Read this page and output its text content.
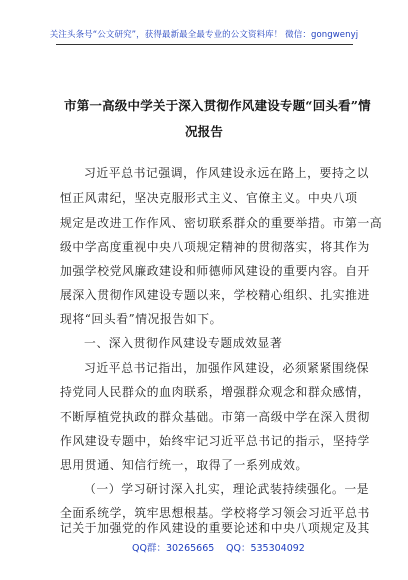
关注头条号“公文研究”，获得最新最全最专业的公文资料库！ 微信：gongwenyj
市第一高级中学关于深入贯彻作风建设专题“回头看”情
况报告
习近平总书记强调，作风建设永远在路上，要持之以
恒正风肃纪，坚决克服形式主义、官僚主义。中央八项
规定是改进工作作风、密切联系群众的重要举措。市第一高
级中学高度重视中央八项规定精神的贯彻落实，将其作为
加强学校党风廉政建设和师德师风建设的重要内容。自开
展深入贯彻作风建设专题以来，学校精心组织、扎实推进
现将“回头看”情况报告如下。
一、深入贯彻作风建设专题成效显著
习近平总书记指出，加强作风建设，必须紧紧围绕保
持党同人民群众的血肉联系，增强群众观念和群众感情，
不断厚植党执政的群众基础。市第一高级中学在深入贯彻
作风建设专题中，始终牢记习近平总书记的指示，坚持学
思用贯通、知信行统一，取得了一系列成效。
（一）学习研讨深入扎实，理论武装持续强化。一是
全面系统学，筑牢思想根基。学校将学习领会习近平总书
记关于加强党的作风建设的重要论述和中央八项规定及其
QQ群：30265665 QQ：535304092
